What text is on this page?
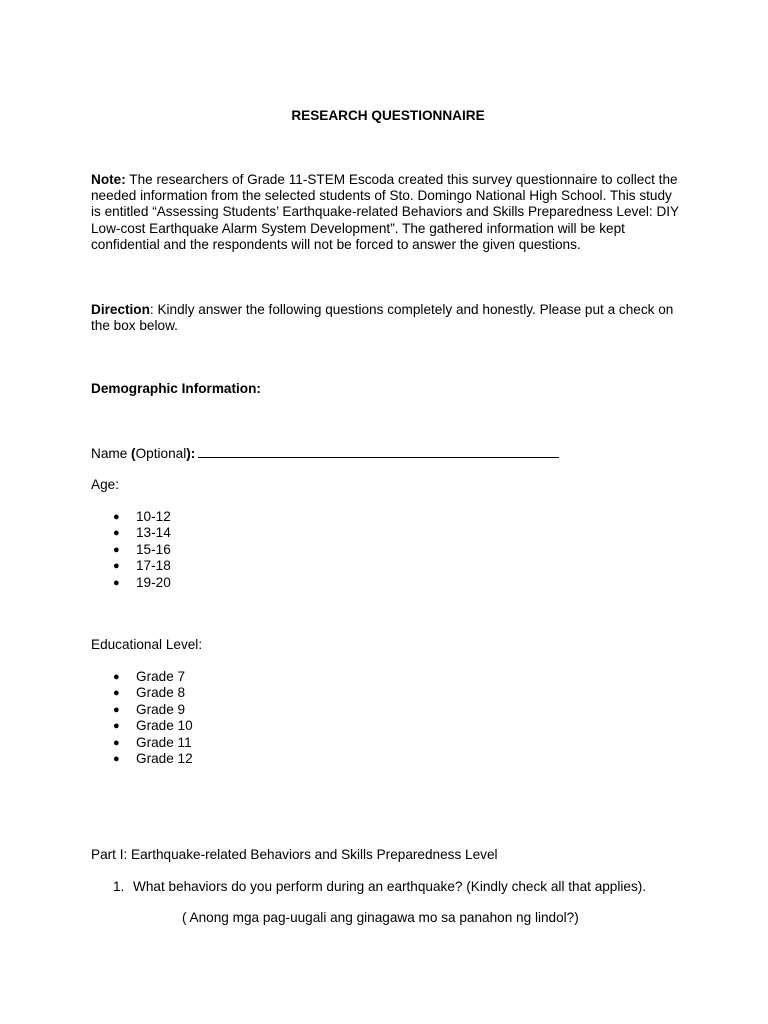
RESEARCH QUESTIONNAIRE
Note: The researchers of Grade 11-STEM Escoda created this survey questionnaire to collect the needed information from the selected students of Sto. Domingo National High School. This study is entitled “Assessing Students’ Earthquake-related Behaviors and Skills Preparedness Level: DIY Low-cost Earthquake Alarm System Development”. The gathered information will be kept confidential and the respondents will not be forced to answer the given questions.
Direction: Kindly answer the following questions completely and honestly. Please put a check on the box below.
Demographic Information:
Name (Optional):
Age:
● 10-12
● 13-14
● 15-16
● 17-18
● 19-20
Educational Level:
● Grade 7
● Grade 8
● Grade 9
● Grade 10
● Grade 11
● Grade 12
Part I: Earthquake-related Behaviors and Skills Preparedness Level
1. What behaviors do you perform during an earthquake? (Kindly check all that applies).
( Anong mga pag-uugali ang ginagawa mo sa panahon ng lindol?)
